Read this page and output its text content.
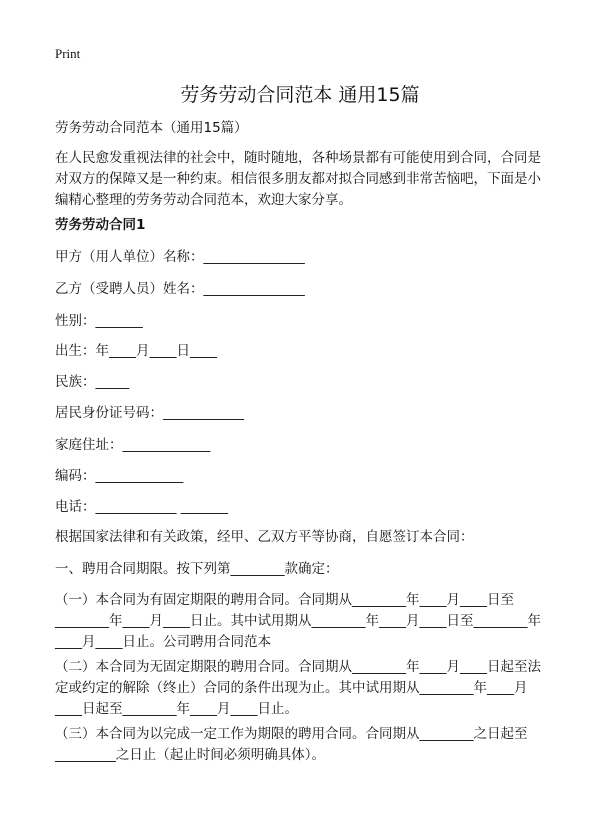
Print
劳务劳动合同范本 通用15篇
劳务劳动合同范本（通用15篇）
在人民愈发重视法律的社会中，随时随地，各种场景都有可能使用到合同，合同是
对双方的保障又是一种约束。相信很多朋友都对拟合同感到非常苦恼吧，下面是小
编精心整理的劳务劳动合同范本，欢迎大家分享。
劳务劳动合同1
甲方（用人单位）名称：_______________
乙方（受聘人员）姓名：_______________
性别：_______
出生：年____月____日____
民族：_____
居民身份证号码：____________
家庭住址：_____________
编码：_____________
电话：____________ _______
根据国家法律和有关政策，经甲、乙双方平等协商，自愿签订本合同：
一、聘用合同期限。按下列第________款确定：
（一）本合同为有固定期限的聘用合同。合同期从________年____月____日至
________年____月____日止。其中试用期从________年____月____日至________年
____月____日止。公司聘用合同范本
（二）本合同为无固定期限的聘用合同。合同期从________年____月____日起至法
定或约定的解除（终止）合同的条件出现为止。其中试用期从________年____月
____日起至________年____月____日止。
（三）本合同为以完成一定工作为期限的聘用合同。合同期从________之日起至
_________之日止（起止时间必须明确具体）。
